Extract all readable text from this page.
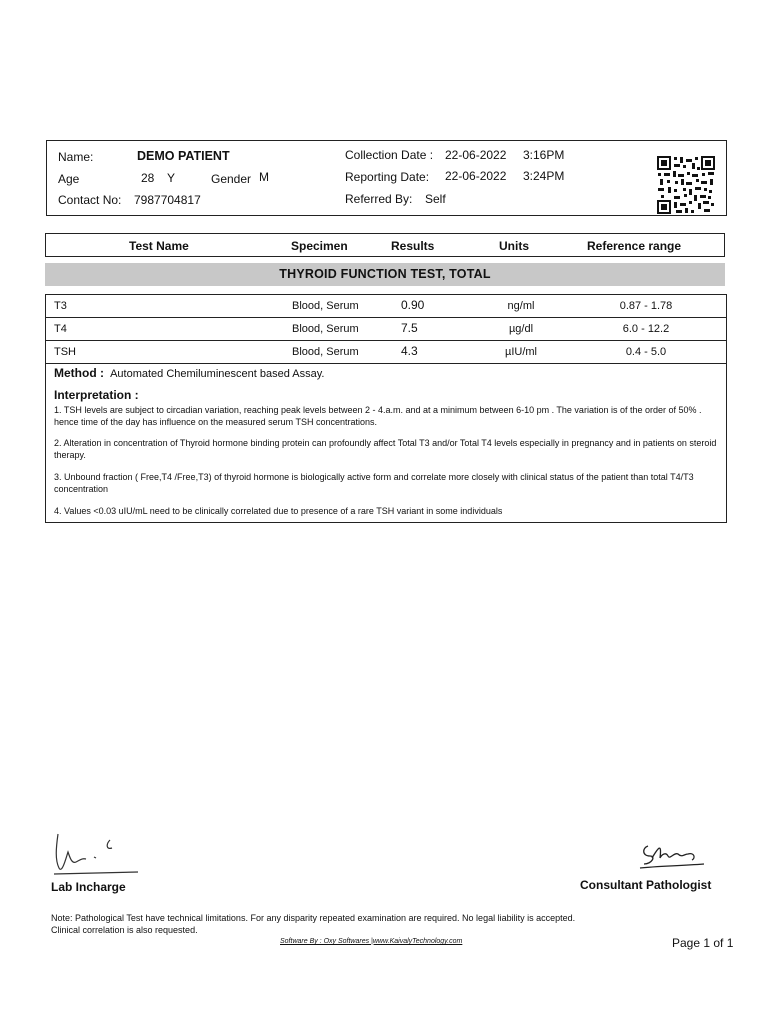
Name:	DEMO PATIENT
Age	28 Y	Gender M
Contact No: 7987704817
Collection Date : 22-06-2022 3:16PM
Reporting Date: 22-06-2022 3:24PM
Referred By: Self
Test Name	Specimen	Results	Units	Reference range
THYROID FUNCTION TEST, TOTAL
T3	Blood, Serum	0.90	ng/ml	0.87 - 1.78
T4	Blood, Serum	7.5	µg/dl	6.0 - 12.2
TSH	Blood, Serum	4.3	µIU/ml	0.4 - 5.0
Method : Automated Chemiluminescent based Assay.
Interpretation :
1. TSH levels are subject to circadian variation, reaching peak levels between 2 - 4.a.m. and at a minimum between 6-10 pm . The variation is of the order of 50% . hence time of the day has influence on the measured serum TSH concentrations.
2. Alteration in concentration of Thyroid hormone binding protein can profoundly affect Total T3 and/or Total T4 levels especially in pregnancy and in patients on steroid therapy.
3. Unbound fraction ( Free,T4 /Free,T3) of thyroid hormone is biologically active form and correlate more closely with clinical status of the patient than total T4/T3 concentration
4. Values <0.03 uIU/mL need to be clinically correlated due to presence of a rare TSH variant in some individuals
Lab Incharge	Consultant Pathologist
Note: Pathological Test have technical limitations. For any disparity repeated examination are required. No legal liability is accepted.
Clinical correlation is also requested.
Software By : Oxy Softwares |www.KaivalyTechnology.com	Page 1 of 1
